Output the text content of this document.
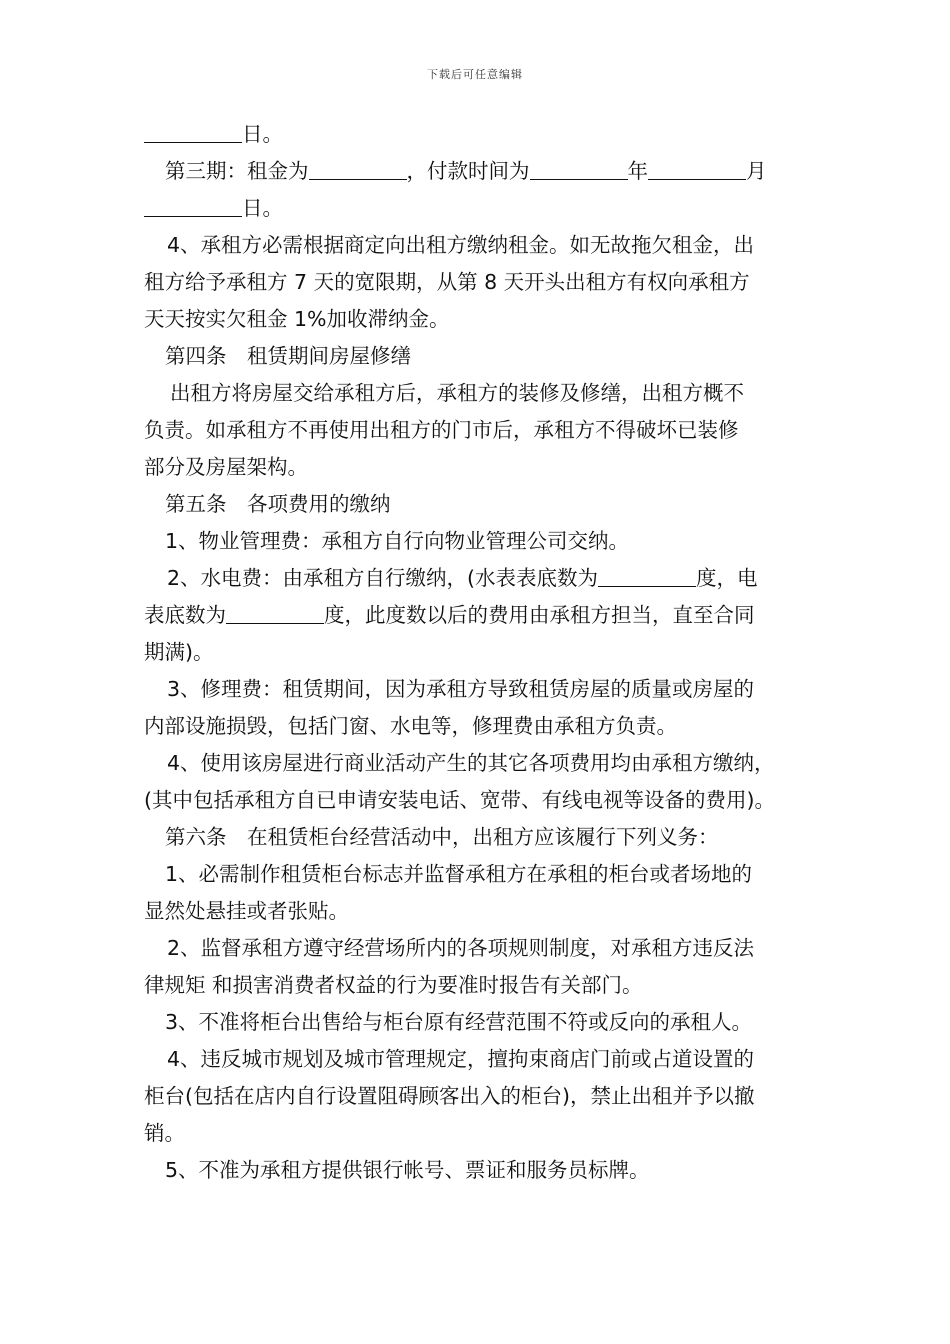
下载后可任意编辑
日。
第三期：租金为	，付款时间为	年	月
日。
4、承租方必需根据商定向出租方缴纳租金。如无故拖欠租金，出
租方给予承租方 7 天的宽限期，从第 8 天开头出租方有权向承租方
天天按实欠租金 1%加收滞纳金。
第四条　租赁期间房屋修缮
出租方将房屋交给承租方后，承租方的装修及修缮，出租方概不
负责。如承租方不再使用出租方的门市后，承租方不得破坏已装修
部分及房屋架构。
第五条　各项费用的缴纳
1、物业管理费：承租方自行向物业管理公司交纳。
2、水电费：由承租方自行缴纳，(水表表底数为	度，电
表底数为	度，此度数以后的费用由承租方担当，直至合同
期满)。
3、修理费：租赁期间，因为承租方导致租赁房屋的质量或房屋的
内部设施损毁，包括门窗、水电等，修理费由承租方负责。
4、使用该房屋进行商业活动产生的其它各项费用均由承租方缴纳，
(其中包括承租方自已申请安装电话、宽带、有线电视等设备的费用)。
第六条　在租赁柜台经营活动中，出租方应该履行下列义务：
1、必需制作租赁柜台标志并监督承租方在承租的柜台或者场地的
显然处悬挂或者张贴。
2、监督承租方遵守经营场所内的各项规则制度，对承租方违反法
律规矩 和损害消费者权益的行为要准时报告有关部门。
3、不准将柜台出售给与柜台原有经营范围不符或反向的承租人。
4、违反城市规划及城市管理规定，擅拘束商店门前或占道设置的
柜台(包括在店内自行设置阻碍顾客出入的柜台)，禁止出租并予以撤
销。
5、不准为承租方提供银行帐号、票证和服务员标牌。
